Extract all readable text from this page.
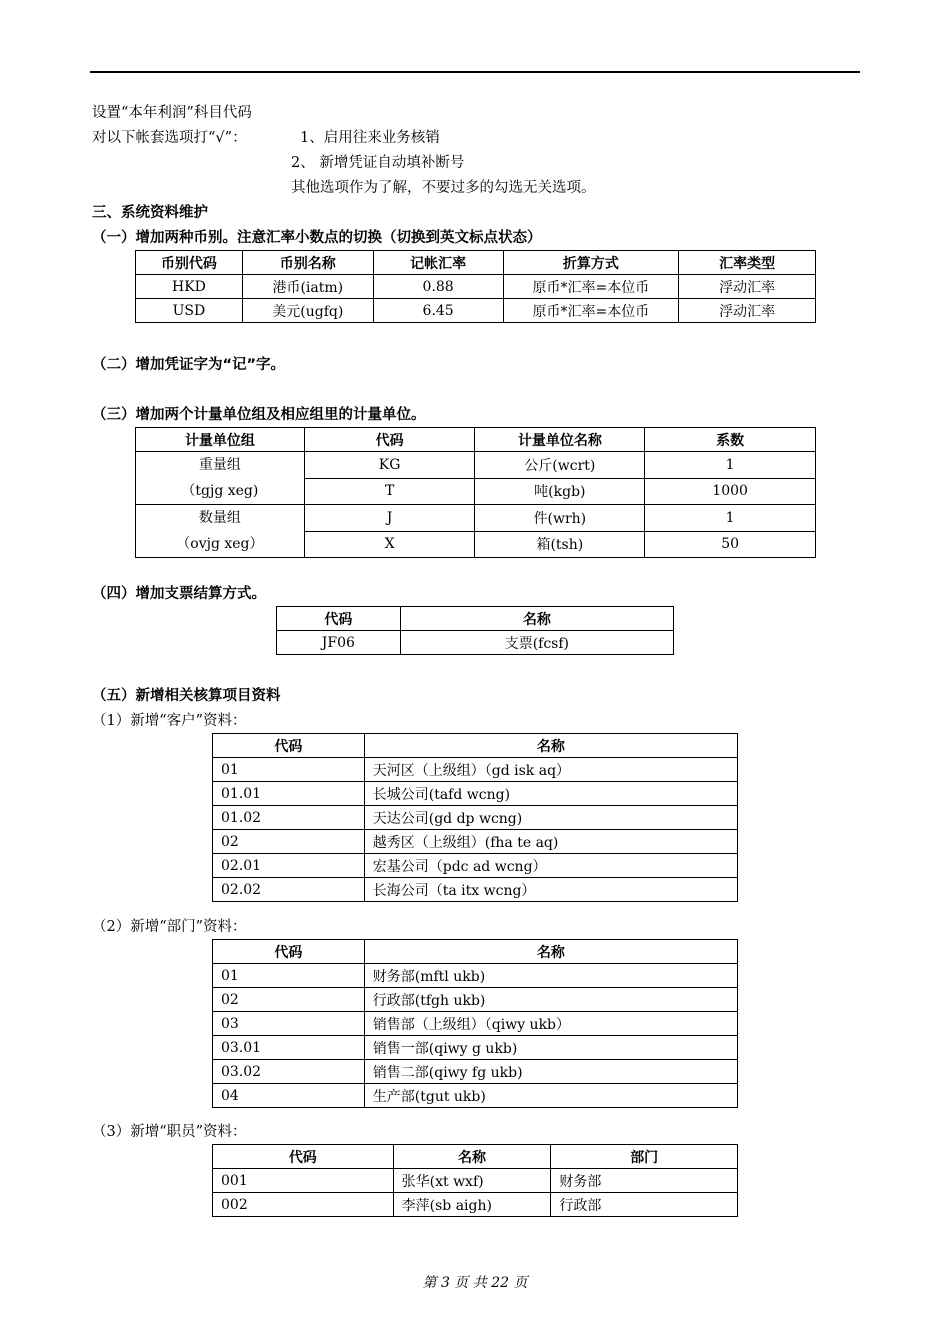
设置“本年利润”科目代码
对以下帐套选项打“√”：	1、启用往来业务核销
2、 新增凭证自动填补断号
其他选项作为了解，不要过多的勾选无关选项。
三、系统资料维护
（一）增加两种币别。注意汇率小数点的切换（切换到英文标点状态）
币别代码	币别名称	记帐汇率	折算方式	汇率类型
HKD	港币(iatm)	0.88	原币*汇率=本位币	浮动汇率
USD	美元(ugfq)	6.45	原币*汇率=本位币	浮动汇率
（二）增加凭证字为“记”字。
（三）增加两个计量单位组及相应组里的计量单位。
计量单位组	代码	计量单位名称	系数

重量组
（tgjg xeg)	KG	公斤(wcrt)	1
	T	吨(kgb)	1000

数量组
（ovjg xeg）	J	件(wrh)	1
	X	箱(tsh)	50
（四）增加支票结算方式。
代码	名称
JF06	支票(fcsf)
（五）新增相关核算项目资料
（1）新增“客户”资料：
代码	名称
01	天河区（上级组）（gd isk aq）
01.01	长城公司(tafd wcng)
01.02	天达公司(gd dp wcng)
02	越秀区（上级组）(fha te aq)
02.01	宏基公司（pdc ad wcng）
02.02	长海公司（ta itx wcng）
（2）新增“部门”资料：
代码	名称
01	财务部(mftl ukb)
02	行政部(tfgh ukb)
03	销售部（上级组）（qiwy ukb）
03.01	销售一部(qiwy g ukb)
03.02	销售二部(qiwy fg ukb)
04	生产部(tgut ukb)
（3）新增“职员”资料：
代码	名称	部门
001	张华(xt wxf)	财务部
002	李萍(sb aigh)	行政部
第 3 页 共 22 页
